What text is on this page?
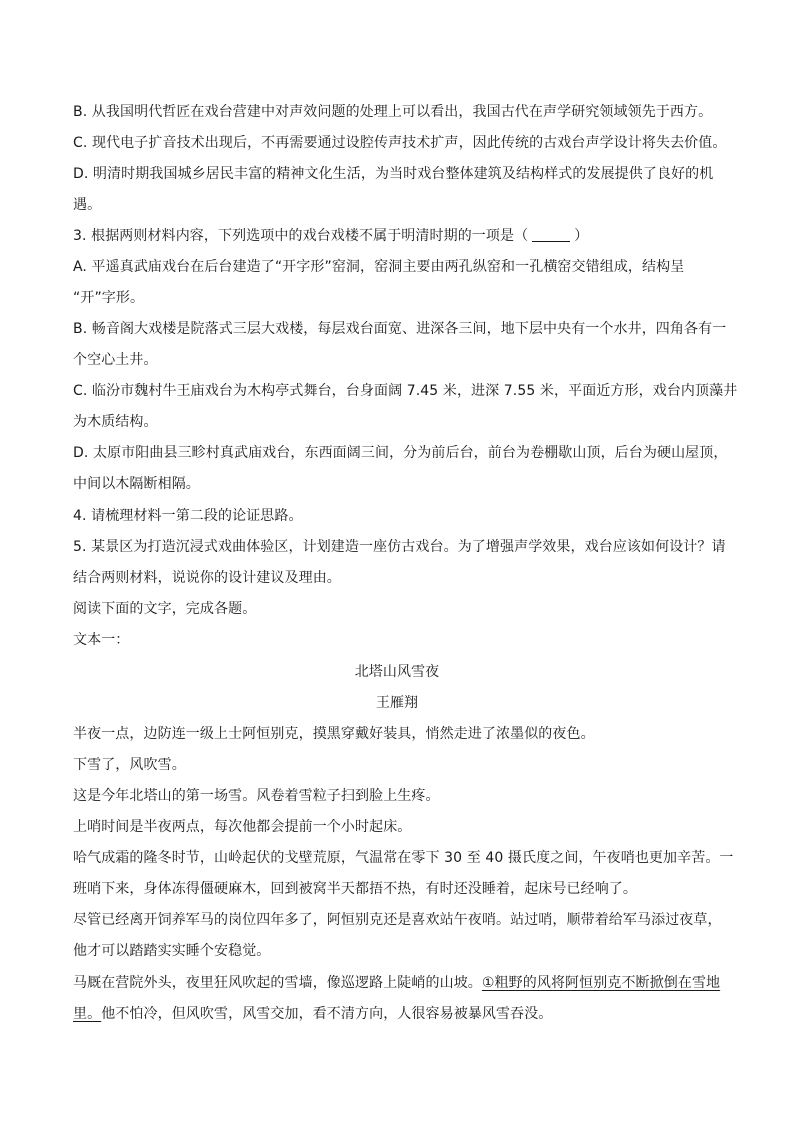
B. 从我国明代哲匠在戏台营建中对声效问题的处理上可以看出，我国古代在声学研究领域领先于西方。
C. 现代电子扩音技术出现后，不再需要通过设腔传声技术扩声，因此传统的古戏台声学设计将失去价值。
D. 明清时期我国城乡居民丰富的精神文化生活，为当时戏台整体建筑及结构样式的发展提供了良好的机
遇。
3. 根据两则材料内容，下列选项中的戏台戏楼不属于明清时期的一项是（	）
A. 平遥真武庙戏台在后台建造了“开字形”窑洞，窑洞主要由两孔纵窑和一孔横窑交错组成，结构呈
“开”字形。
B. 畅音阁大戏楼是院落式三层大戏楼，每层戏台面宽、进深各三间，地下层中央有一个水井，四角各有一
个空心土井。
C. 临汾市魏村牛王庙戏台为木构亭式舞台，台身面阔 7.45 米，进深 7.55 米，平面近方形，戏台内顶藻井
为木质结构。
D. 太原市阳曲县三畛村真武庙戏台，东西面阔三间，分为前后台，前台为卷棚歇山顶，后台为硬山屋顶，
中间以木隔断相隔。
4. 请梳理材料一第二段的论证思路。
5. 某景区为打造沉浸式戏曲体验区，计划建造一座仿古戏台。为了增强声学效果，戏台应该如何设计？请
结合两则材料，说说你的设计建议及理由。
阅读下面的文字，完成各题。
文本一：
北塔山风雪夜
王雁翔
半夜一点，边防连一级上士阿恒别克，摸黑穿戴好装具，悄然走进了浓墨似的夜色。
下雪了，风吹雪。
这是今年北塔山的第一场雪。风卷着雪粒子扫到脸上生疼。
上哨时间是半夜两点，每次他都会提前一个小时起床。
哈气成霜的隆冬时节，山岭起伏的戈壁荒原，气温常在零下 30 至 40 摄氏度之间，午夜哨也更加辛苦。一
班哨下来，身体冻得僵硬麻木，回到被窝半天都捂不热，有时还没睡着，起床号已经响了。
尽管已经离开饲养军马的岗位四年多了，阿恒别克还是喜欢站午夜哨。站过哨，顺带着给军马添过夜草，
他才可以踏踏实实睡个安稳觉。
马厩在营院外头，夜里狂风吹起的雪墙，像巡逻路上陡峭的山坡。①粗野的风将阿恒别克不断掀倒在雪地
里。他不怕冷，但风吹雪，风雪交加，看不清方向，人很容易被暴风雪吞没。
